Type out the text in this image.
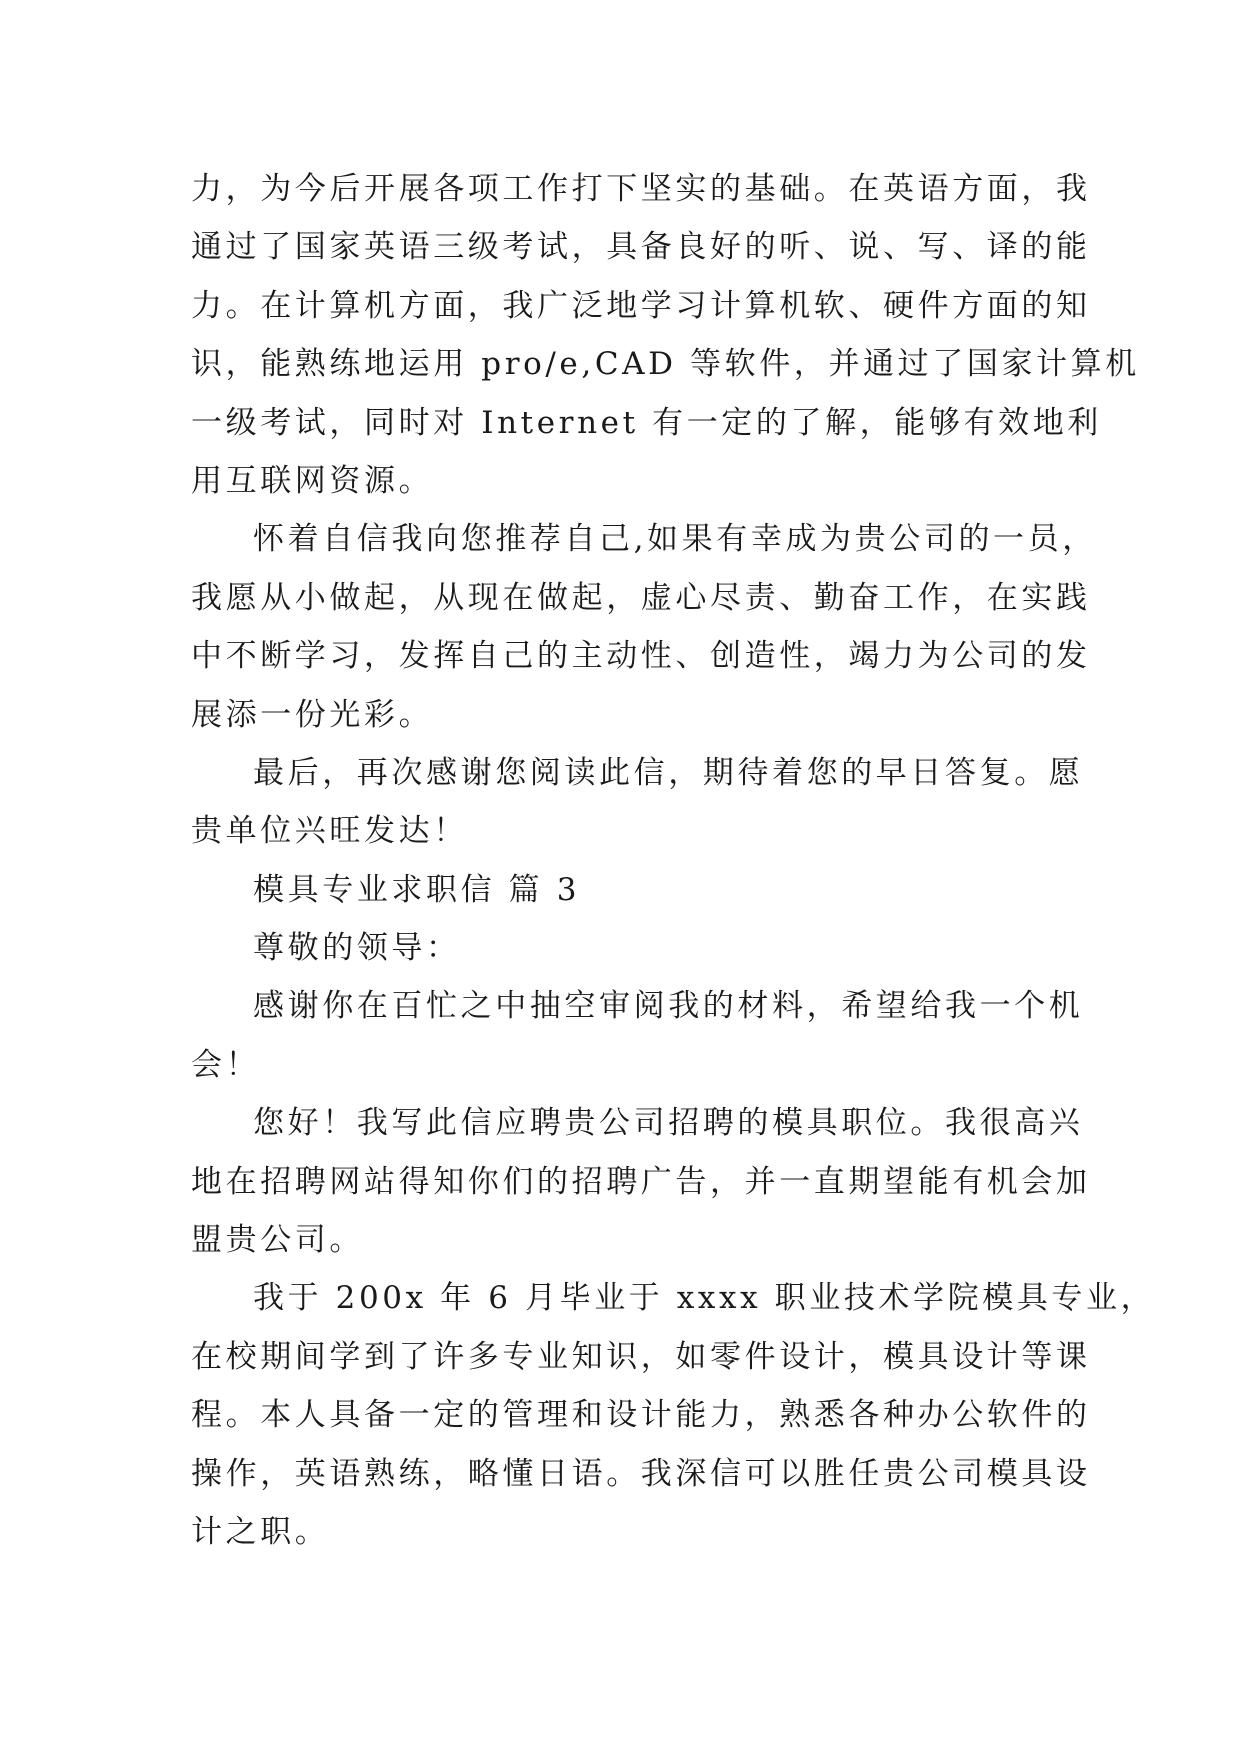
力，为今后开展各项工作打下坚实的基础。在英语方面，我
通过了国家英语三级考试，具备良好的听、说、写、译的能
力。在计算机方面，我广泛地学习计算机软、硬件方面的知
识，能熟练地运用 pro/e,CAD 等软件，并通过了国家计算机
一级考试，同时对 Internet 有一定的了解，能够有效地利
用互联网资源。
怀着自信我向您推荐自己,如果有幸成为贵公司的一员，
我愿从小做起，从现在做起，虚心尽责、勤奋工作，在实践
中不断学习，发挥自己的主动性、创造性，竭力为公司的发
展添一份光彩。
最后，再次感谢您阅读此信，期待着您的早日答复。愿
贵单位兴旺发达！
模具专业求职信 篇 3
尊敬的领导：
感谢你在百忙之中抽空审阅我的材料，希望给我一个机
会！
您好！我写此信应聘贵公司招聘的模具职位。我很高兴
地在招聘网站得知你们的招聘广告，并一直期望能有机会加
盟贵公司。
我于 200x 年 6 月毕业于 xxxx 职业技术学院模具专业，
在校期间学到了许多专业知识，如零件设计，模具设计等课
程。本人具备一定的管理和设计能力，熟悉各种办公软件的
操作，英语熟练，略懂日语。我深信可以胜任贵公司模具设
计之职。
